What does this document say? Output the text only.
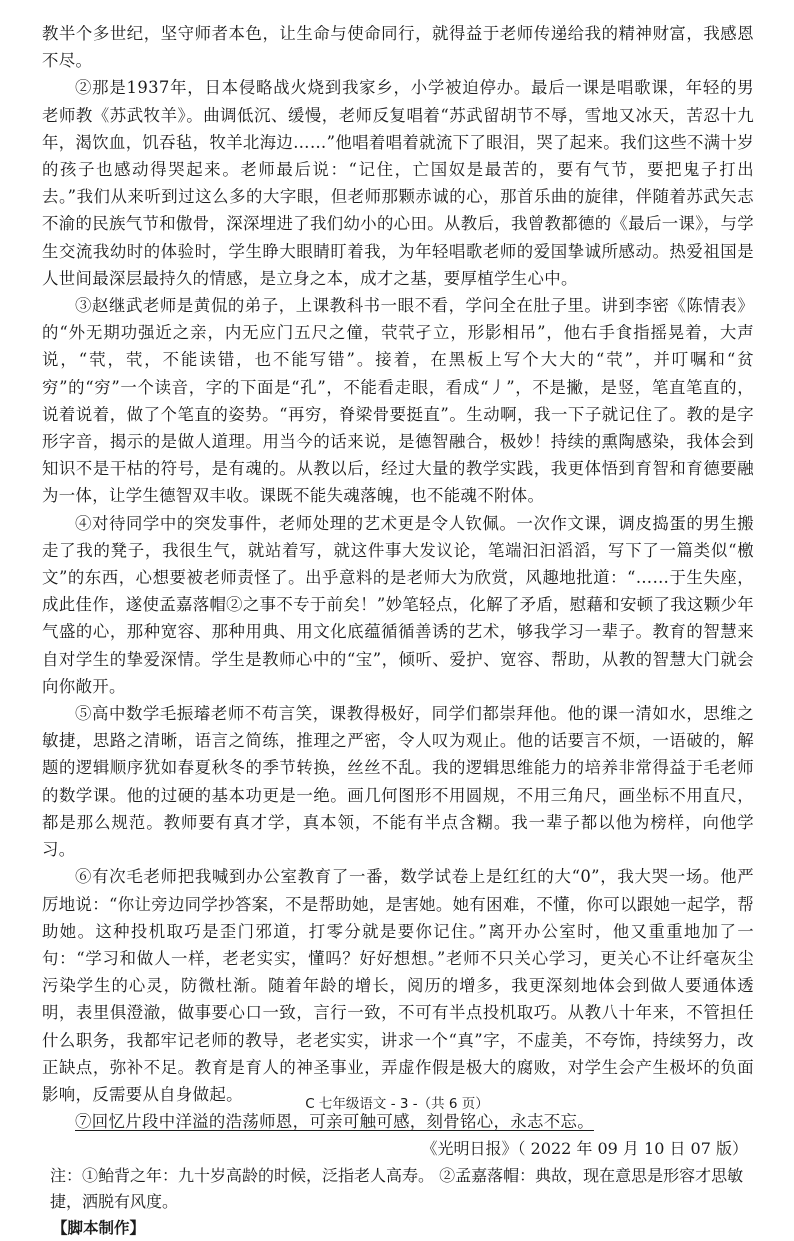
教半个多世纪，坚守师者本色，让生命与使命同行，就得益于老师传递给我的精神财富，我感恩不尽。

②那是1937年，日本侵略战火烧到我家乡，小学被迫停办。最后一课是唱歌课，年轻的男老师教《苏武牧羊》。曲调低沉、缓慢，老师反复唱着“苏武留胡节不辱，雪地又冰天，苦忍十九年，渴饮血，饥吞毡，牧羊北海边……”他唱着唱着就流下了眼泪，哭了起来。我们这些不满十岁的孩子也感动得哭起来。老师最后说：“记住，亡国奴是最苦的，要有气节，要把鬼子打出去。”我们从来听到过这么多的大字眼，但老师那颗赤诚的心，那首乐曲的旋律，伴随着苏武矢志不渝的民族气节和傲骨，深深埋进了我们幼小的心田。从教后，我曾教都德的《最后一课》，与学生交流我幼时的体验时，学生睁大眼睛盯着我，为年轻唱歌老师的爱国挚诚所感动。热爱祖国是人世间最深层最持久的情感，是立身之本，成才之基，要厚植学生心中。

③赵继武老师是黄侃的弟子，上课教科书一眼不看，学问全在肚子里。讲到李密《陈情表》的“外无期功强近之亲，内无应门五尺之僮，茕茕孑立，形影相吊”，他右手食指摇晃着，大声说，“茕，茕，不能读错，也不能写错”。接着，在黑板上写个大大的“茕”，并叮嘱和“贫穷”的“穷”一个读音，字的下面是“孔”，不能看走眼，看成“丿”，不是撇，是竖，笔直笔直的，说着说着，做了个笔直的姿势。“再穷，脊梁骨要挺直”。生动啊，我一下子就记住了。教的是字形字音，揭示的是做人道理。用当今的话来说，是德智融合，极妙！持续的熏陶感染，我体会到知识不是干枯的符号，是有魂的。从教以后，经过大量的教学实践，我更体悟到育智和育德要融为一体，让学生德智双丰收。课既不能失魂落魄，也不能魂不附体。

④对待同学中的突发事件，老师处理的艺术更是令人钦佩。一次作文课，调皮捣蛋的男生搬走了我的凳子，我很生气，就站着写，就这件事大发议论，笔端汩汩滔滔，写下了一篇类似“檄文”的东西，心想要被老师责怪了。出乎意料的是老师大为欣赏，风趣地批道：“……于生失座，成此佳作，遂使孟嘉落帽②之事不专于前矣！”妙笔轻点，化解了矛盾，慰藉和安顿了我这颗少年气盛的心，那种宽容、那种用典、用文化底蕴循循善诱的艺术，够我学习一辈子。教育的智慧来自对学生的挚爱深情。学生是教师心中的“宝”，倾听、爱护、宽容、帮助，从教的智慧大门就会向你敞开。

⑤高中数学毛振璿老师不苟言笑，课教得极好，同学们都崇拜他。他的课一清如水，思维之敏捷，思路之清晰，语言之简练，推理之严密，令人叹为观止。他的话要言不烦，一语破的，解题的逻辑顺序犹如春夏秋冬的季节转换，丝丝不乱。我的逻辑思维能力的培养非常得益于毛老师的数学课。他的过硬的基本功更是一绝。画几何图形不用圆规，不用三角尺，画坐标不用直尺，都是那么规范。教师要有真才学，真本领，不能有半点含糊。我一辈子都以他为榜样，向他学习。

⑥有次毛老师把我喊到办公室教育了一番，数学试卷上是红红的大“0”，我大哭一场。他严厉地说：“你让旁边同学抄答案，不是帮助她，是害她。她有困难，不懂，你可以跟她一起学，帮助她。这种投机取巧是歪门邪道，打零分就是要你记住。”离开办公室时，他又重重地加了一句：“学习和做人一样，老老实实，懂吗？好好想想。”老师不只关心学习，更关心不让纤毫灰尘污染学生的心灵，防微杜渐。随着年龄的增长，阅历的增多，我更深刻地体会到做人要通体透明，表里俱澄澈，做事要心口一致，言行一致，不可有半点投机取巧。从教八十年来，不管担任什么职务，我都牢记老师的教导，老老实实，讲求一个“真”字，不虚美，不夸饰，持续努力，改正缺点，弥补不足。教育是育人的神圣事业，弄虚作假是极大的腐败，对学生会产生极坏的负面影响，反需要从自身做起。

⑦回忆片段中洋溢的浩荡师恩，可亲可触可感，刻骨铭心，永志不忘。

《光明日报》（ 2022 年 09 月 10 日 07 版）

注：①鲐背之年：九十岁高龄的时候，泛指老人高寿。 ②孟嘉落帽：典故，现在意思是形容才思敏捷，洒脱有风度。

【脚本制作】

C 七年级语文 - 3 -（共 6 页）
